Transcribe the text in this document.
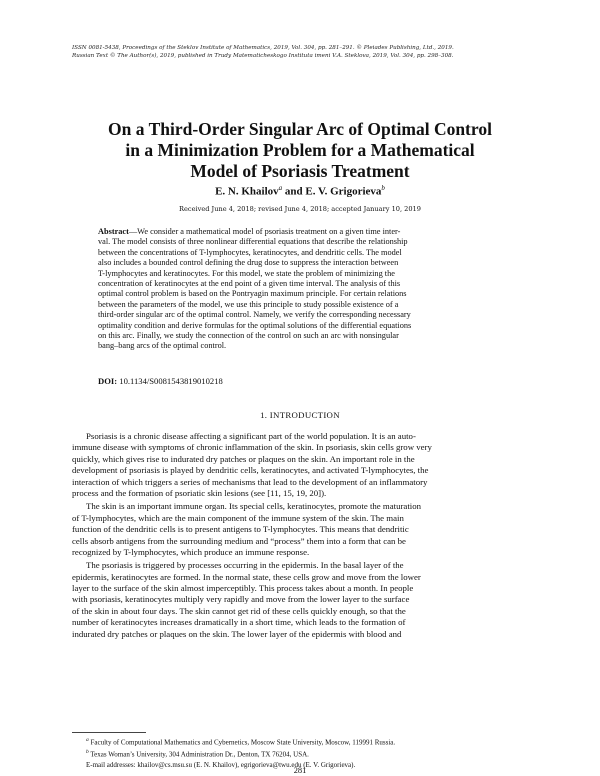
ISSN 0081-5438, Proceedings of the Steklov Institute of Mathematics, 2019, Vol. 304, pp. 281–291. © Pleiades Publishing, Ltd., 2019.
Russian Text © The Author(s), 2019, published in Trudy Matematicheskogo Instituta imeni V.A. Steklova, 2019, Vol. 304, pp. 298–308.
On a Third-Order Singular Arc of Optimal Control
in a Minimization Problem for a Mathematical
Model of Psoriasis Treatment
E. N. Khailov$^a$ and E. V. Grigorieva$^b$
Received June 4, 2018; revised June 4, 2018; accepted January 10, 2019
Abstract—We consider a mathematical model of psoriasis treatment on a given time inter-
val. The model consists of three nonlinear differential equations that describe the relationship
between the concentrations of T-lymphocytes, keratinocytes, and dendritic cells. The model
also includes a bounded control defining the drug dose to suppress the interaction between
T-lymphocytes and keratinocytes. For this model, we state the problem of minimizing the
concentration of keratinocytes at the end point of a given time interval. The analysis of this
optimal control problem is based on the Pontryagin maximum principle. For certain relations
between the parameters of the model, we use this principle to study possible existence of a
third-order singular arc of the optimal control. Namely, we verify the corresponding necessary
optimality condition and derive formulas for the optimal solutions of the differential equations
on this arc. Finally, we study the connection of the control on such an arc with nonsingular
bang–bang arcs of the optimal control.
DOI: 10.1134/S0081543819010218
1. INTRODUCTION
Psoriasis is a chronic disease affecting a significant part of the world population. It is an auto-
immune disease with symptoms of chronic inflammation of the skin. In psoriasis, skin cells grow very
quickly, which gives rise to indurated dry patches or plaques on the skin. An important role in the
development of psoriasis is played by dendritic cells, keratinocytes, and activated T-lymphocytes, the
interaction of which triggers a series of mechanisms that lead to the development of an inflammatory
process and the formation of psoriatic skin lesions (see [11, 15, 19, 20]).
The skin is an important immune organ. Its special cells, keratinocytes, promote the maturation
of T-lymphocytes, which are the main component of the immune system of the skin. The main
function of the dendritic cells is to present antigens to T-lymphocytes. This means that dendritic
cells absorb antigens from the surrounding medium and “process” them into a form that can be
recognized by T-lymphocytes, which produce an immune response.
The psoriasis is triggered by processes occurring in the epidermis. In the basal layer of the
epidermis, keratinocytes are formed. In the normal state, these cells grow and move from the lower
layer to the surface of the skin almost imperceptibly. This process takes about a month. In people
with psoriasis, keratinocytes multiply very rapidly and move from the lower layer to the surface
of the skin in about four days. The skin cannot get rid of these cells quickly enough, so that the
number of keratinocytes increases dramatically in a short time, which leads to the formation of
indurated dry patches or plaques on the skin. The lower layer of the epidermis with blood and
$^a$ Faculty of Computational Mathematics and Cybernetics, Moscow State University, Moscow, 119991 Russia.
$^b$ Texas Woman’s University, 304 Administration Dr., Denton, TX 76204, USA.
E-mail addresses: khailov@cs.msu.su (E. N. Khailov), egrigorieva@twu.edu (E. V. Grigorieva).
281
